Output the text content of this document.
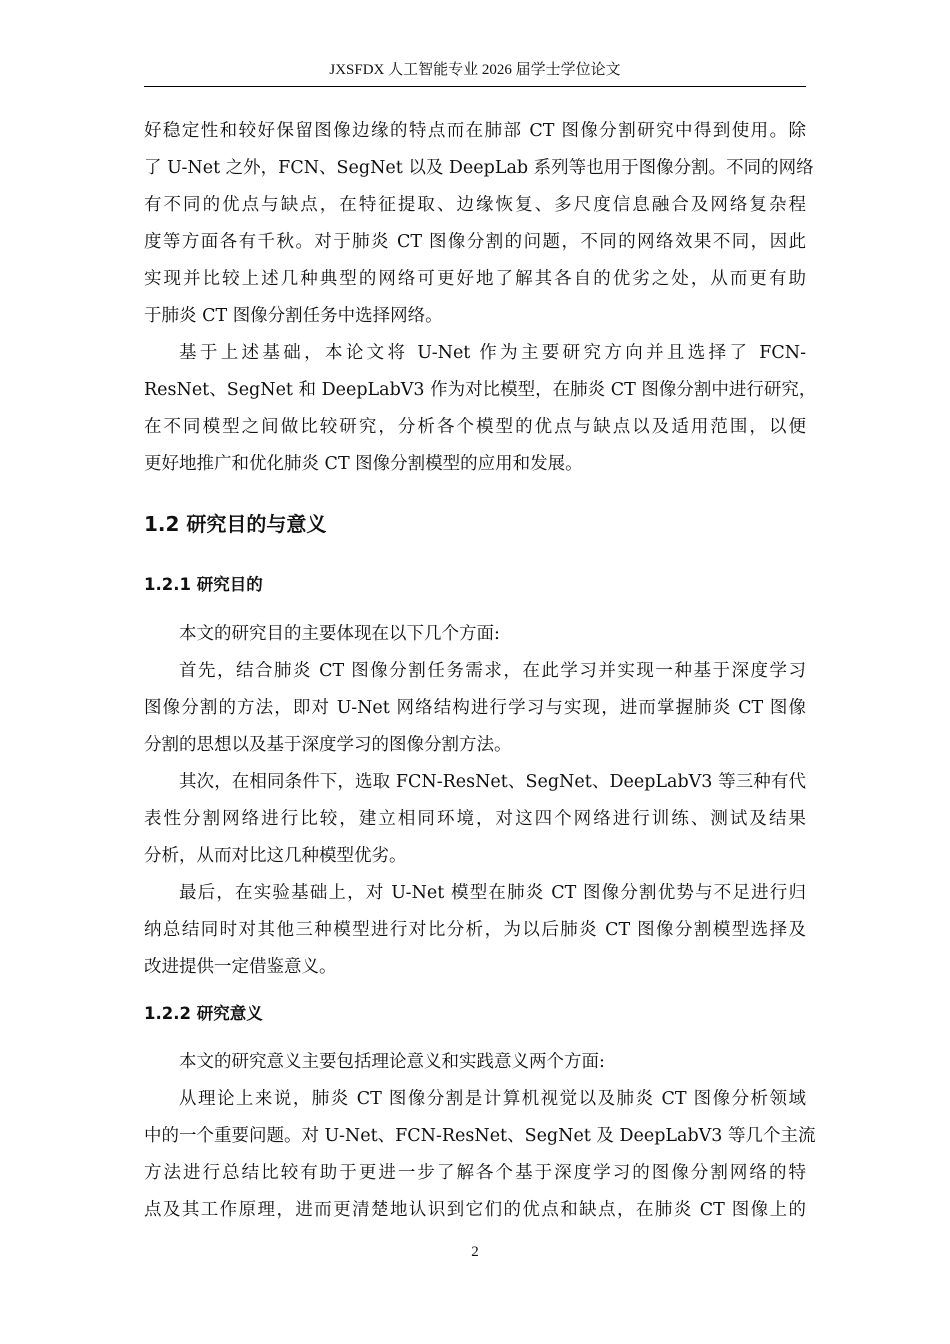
JXSFDX 人工智能专业 2026 届学士学位论文
好稳定性和较好保留图像边缘的特点而在肺部 CT 图像分割研究中得到使用。除
了 U-Net 之外，FCN、SegNet 以及 DeepLab 系列等也用于图像分割。不同的网络
有不同的优点与缺点，在特征提取、边缘恢复、多尺度信息融合及网络复杂程
度等方面各有千秋。对于肺炎 CT 图像分割的问题，不同的网络效果不同，因此
实现并比较上述几种典型的网络可更好地了解其各自的优劣之处，从而更有助
于肺炎 CT 图像分割任务中选择网络。
基于上述基础，本论文将 U-Net 作为主要研究方向并且选择了 FCN-
ResNet、SegNet 和 DeepLabV3 作为对比模型，在肺炎 CT 图像分割中进行研究，
在不同模型之间做比较研究，分析各个模型的优点与缺点以及适用范围，以便
更好地推广和优化肺炎 CT 图像分割模型的应用和发展。
1.2 研究目的与意义
1.2.1 研究目的
本文的研究目的主要体现在以下几个方面:
首先，结合肺炎 CT 图像分割任务需求，在此学习并实现一种基于深度学习
图像分割的方法，即对 U-Net 网络结构进行学习与实现，进而掌握肺炎 CT 图像
分割的思想以及基于深度学习的图像分割方法。
其次，在相同条件下，选取 FCN-ResNet、SegNet、DeepLabV3 等三种有代
表性分割网络进行比较，建立相同环境，对这四个网络进行训练、测试及结果
分析，从而对比这几种模型优劣。
最后，在实验基础上，对 U-Net 模型在肺炎 CT 图像分割优势与不足进行归
纳总结同时对其他三种模型进行对比分析，为以后肺炎 CT 图像分割模型选择及
改进提供一定借鉴意义。
1.2.2 研究意义
本文的研究意义主要包括理论意义和实践意义两个方面:
从理论上来说，肺炎 CT 图像分割是计算机视觉以及肺炎 CT 图像分析领域
中的一个重要问题。对 U-Net、FCN-ResNet、SegNet 及 DeepLabV3 等几个主流
方法进行总结比较有助于更进一步了解各个基于深度学习的图像分割网络的特
点及其工作原理，进而更清楚地认识到它们的优点和缺点，在肺炎 CT 图像上的
2
